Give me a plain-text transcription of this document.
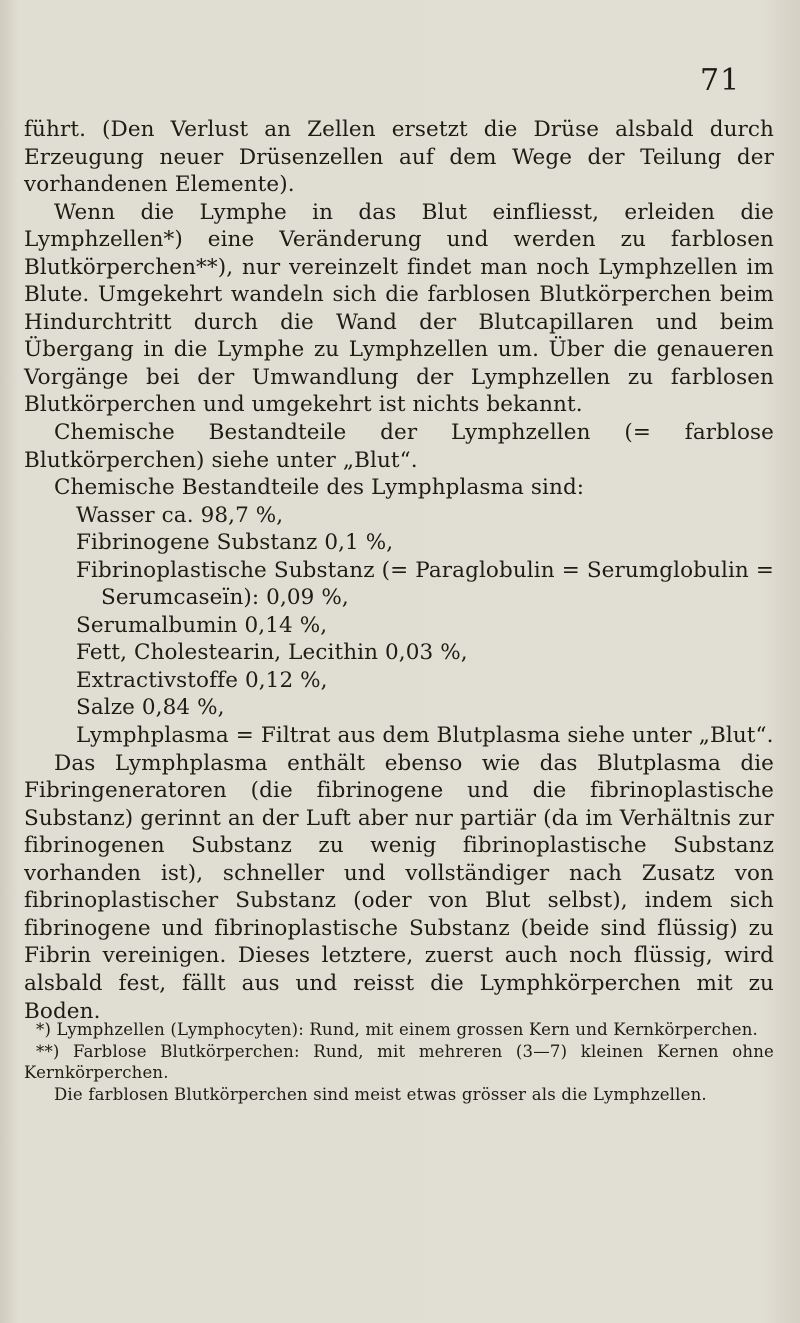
71

führt. (Den Verlust an Zellen ersetzt die Drüse alsbald durch Erzeugung neuer Drüsenzellen auf dem Wege der Teilung der vorhandenen Elemente).

Wenn die Lymphe in das Blut einfliesst, erleiden die Lymphzellen*) eine Veränderung und werden zu farblosen Blutkörperchen**), nur vereinzelt findet man noch Lymphzellen im Blute. Umgekehrt wandeln sich die farblosen Blutkörperchen beim Hindurchtritt durch die Wand der Blutcapillaren und beim Übergang in die Lymphe zu Lymphzellen um. Über die genaueren Vorgänge bei der Umwandlung der Lymphzellen zu farblosen Blutkörperchen und umgekehrt ist nichts bekannt.

Chemische Bestandteile der Lymphzellen (= farblose Blutkörperchen) siehe unter „Blut“.

Chemische Bestandteile des Lymphplasma sind:

Wasser ca. 98,7 %,
Fibrinogene Substanz 0,1 %,
Fibrinoplastische Substanz (= Paraglobulin = Serumglobulin = Serumcaseïn): 0,09 %,
Serumalbumin 0,14 %,
Fett, Cholestearin, Lecithin 0,03 %,
Extractivstoffe 0,12 %,
Salze 0,84 %,
Lymphplasma = Filtrat aus dem Blutplasma siehe unter „Blut“.

Das Lymphplasma enthält ebenso wie das Blutplasma die Fibringeneratoren (die fibrinogene und die fibrinoplastische Substanz) gerinnt an der Luft aber nur partiär (da im Verhältnis zur fibrinogenen Substanz zu wenig fibrinoplastische Substanz vorhanden ist), schneller und vollständiger nach Zusatz von fibrinoplastischer Substanz (oder von Blut selbst), indem sich fibrinogene und fibrinoplastische Substanz (beide sind flüssig) zu Fibrin vereinigen. Dieses letztere, zuerst auch noch flüssig, wird alsbald fest, fällt aus und reisst die Lymphkörperchen mit zu Boden.

*) Lymphzellen (Lymphocyten): Rund, mit einem grossen Kern und Kernkörperchen.

**) Farblose Blutkörperchen: Rund, mit mehreren (3—7) kleinen Kernen ohne Kernkörperchen.

Die farblosen Blutkörperchen sind meist etwas grösser als die Lymphzellen.
